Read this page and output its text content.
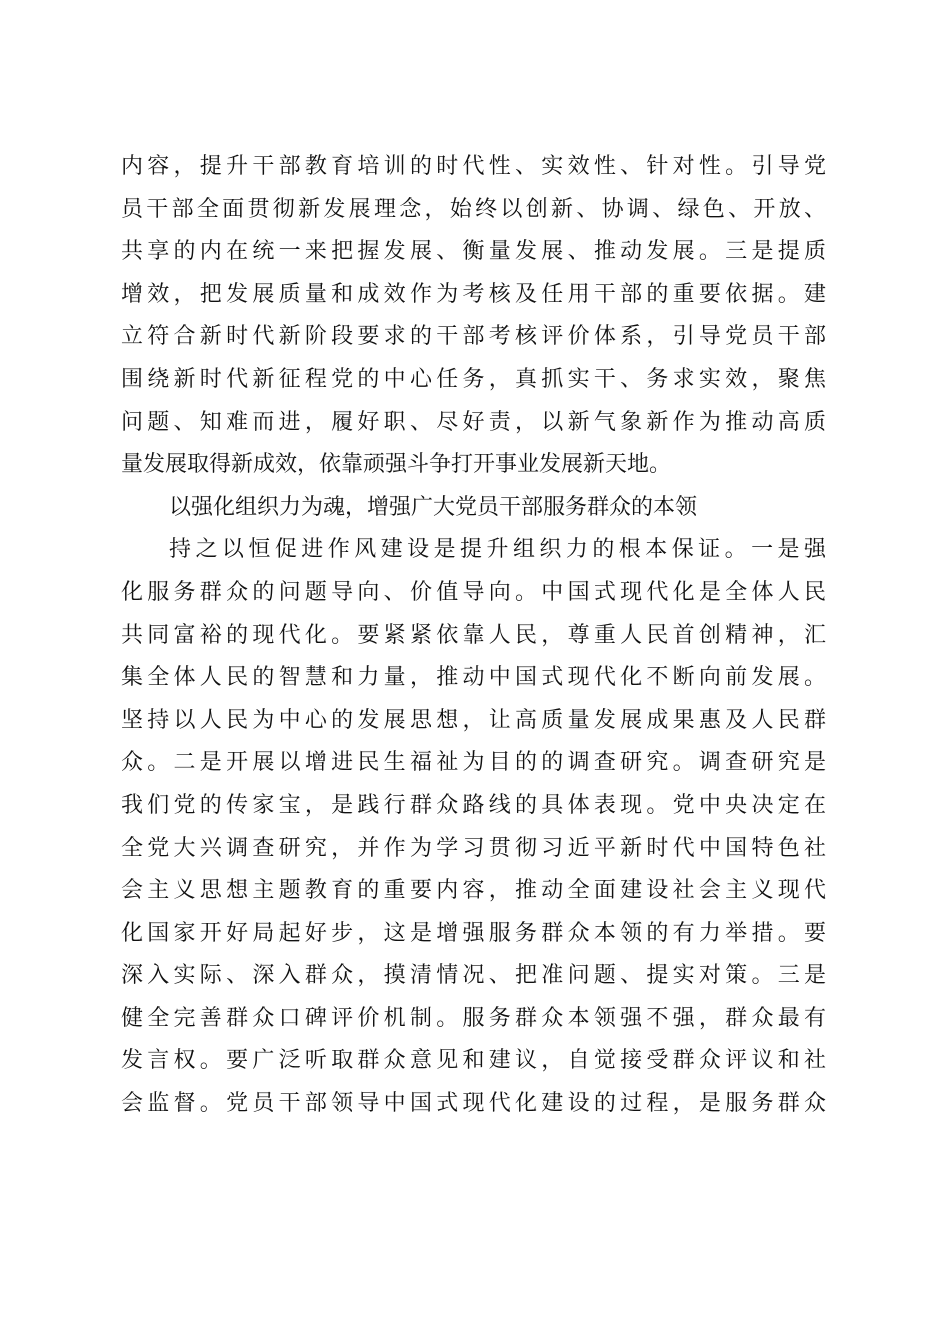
内容，提升干部教育培训的时代性、实效性、针对性。引导党
员干部全面贯彻新发展理念，始终以创新、协调、绿色、开放、
共享的内在统一来把握发展、衡量发展、推动发展。三是提质
增效，把发展质量和成效作为考核及任用干部的重要依据。建
立符合新时代新阶段要求的干部考核评价体系，引导党员干部
围绕新时代新征程党的中心任务，真抓实干、务求实效，聚焦
问题、知难而进，履好职、尽好责，以新气象新作为推动高质
量发展取得新成效，依靠顽强斗争打开事业发展新天地。
以强化组织力为魂，增强广大党员干部服务群众的本领
持之以恒促进作风建设是提升组织力的根本保证。一是强
化服务群众的问题导向、价值导向。中国式现代化是全体人民
共同富裕的现代化。要紧紧依靠人民，尊重人民首创精神，汇
集全体人民的智慧和力量，推动中国式现代化不断向前发展。
坚持以人民为中心的发展思想，让高质量发展成果惠及人民群
众。二是开展以增进民生福祉为目的的调查研究。调查研究是
我们党的传家宝，是践行群众路线的具体表现。党中央决定在
全党大兴调查研究，并作为学习贯彻习近平新时代中国特色社
会主义思想主题教育的重要内容，推动全面建设社会主义现代
化国家开好局起好步，这是增强服务群众本领的有力举措。要
深入实际、深入群众，摸清情况、把准问题、提实对策。三是
健全完善群众口碑评价机制。服务群众本领强不强，群众最有
发言权。要广泛听取群众意见和建议，自觉接受群众评议和社
会监督。党员干部领导中国式现代化建设的过程，是服务群众
